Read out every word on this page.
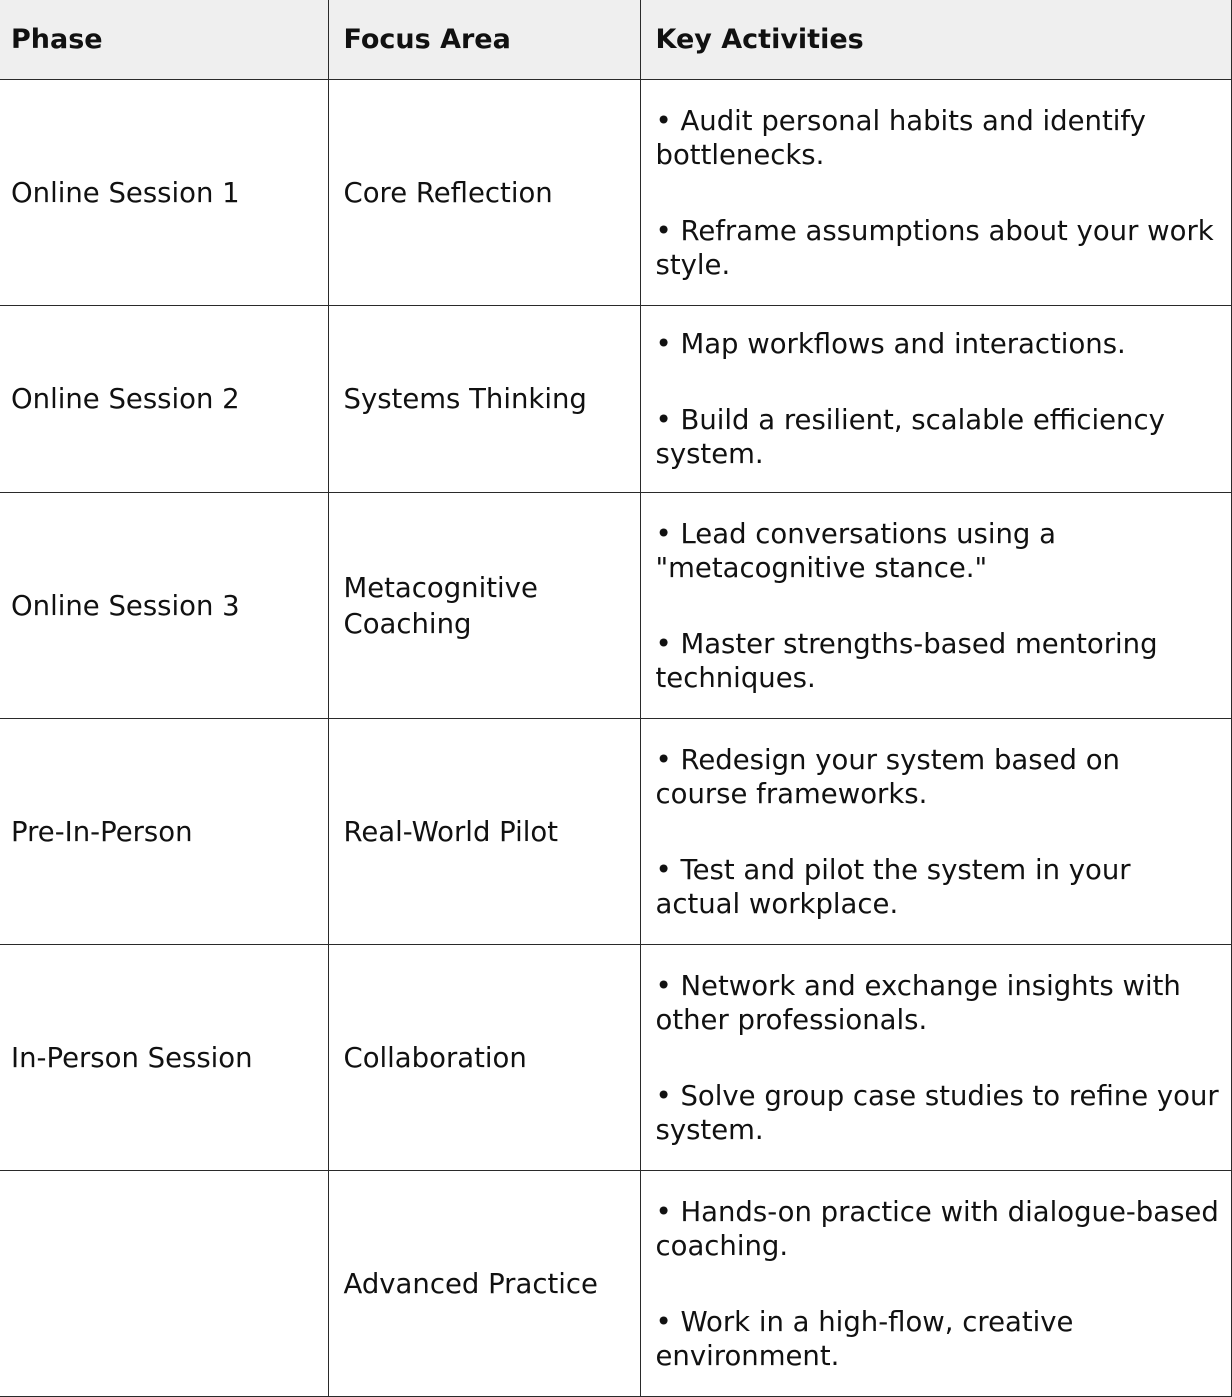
Phase	Focus Area	Key Activities
Online Session 1	Core Reflection	• Audit personal habits and identify bottlenecks.

• Reframe assumptions about your work style.

Online Session 2	Systems Thinking	• Map workflows and interactions.

• Build a resilient, scalable efficiency system.

Online Session 3	Metacognitive Coaching	• Lead conversations using a "metacognitive stance."

• Master strengths-based mentoring techniques.

Pre-In-Person	Real-World Pilot	• Redesign your system based on course frameworks.

• Test and pilot the system in your actual workplace.

In-Person Session	Collaboration	• Network and exchange insights with other professionals.

• Solve group case studies to refine your system.

	Advanced Practice	• Hands-on practice with dialogue-based coaching.

• Work in a high-flow, creative environment.
